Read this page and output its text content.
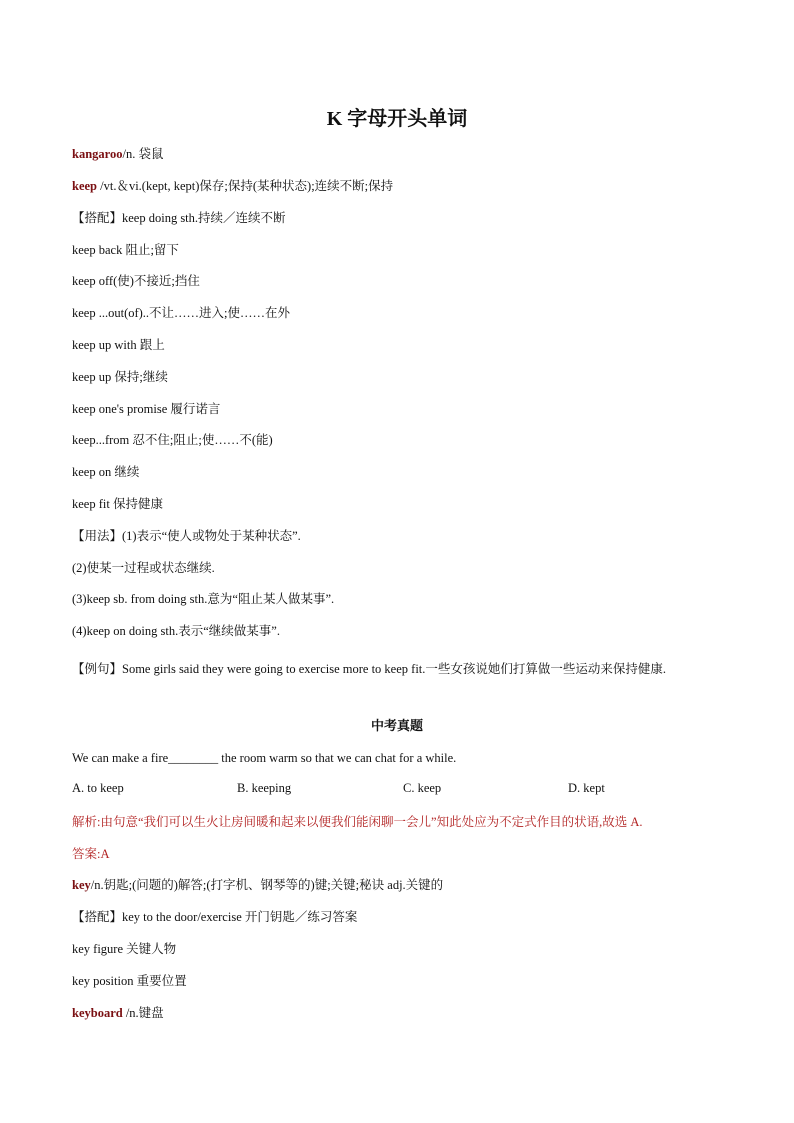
K 字母开头单词
kangaroo/n. 袋鼠
keep /vt.＆vi.(kept, kept)保存;保持(某种状态);连续不断;保持
【搭配】keep doing sth.持续／连续不断
keep back 阻止;留下
keep off(使)不接近;挡住
keep ...out(of)..不让……进入;使……在外
keep up with 跟上
keep up 保持;继续
keep one's promise 履行诺言
keep...from 忍不住;阻止;使……不(能)
keep on 继续
keep fit 保持健康
【用法】(1)表示“使人或物处于某种状态”.
(2)使某一过程或状态继续.
(3)keep sb. from doing sth.意为“阻止某人做某事”.
(4)keep on doing sth.表示“继续做某事”.
【例句】Some girls said they were going to exercise more to keep fit.一些女孩说她们打算做一些运动来保持健康.
中考真题
We can make a fire________ the room warm so that we can chat for a while.
A. to keep	B. keeping	C. keep	D. kept
解析:由句意“我们可以生火让房间暖和起来以便我们能闲聊一会儿”知此处应为不定式作目的状语,故选 A.
答案:A
key/n.钥匙;(问题的)解答;(打字机、钢琴等的)键;关键;秘诀 adj.关键的
【搭配】key to the door/exercise 开门钥匙／练习答案
key figure 关键人物
key position 重要位置
keyboard /n.键盘
